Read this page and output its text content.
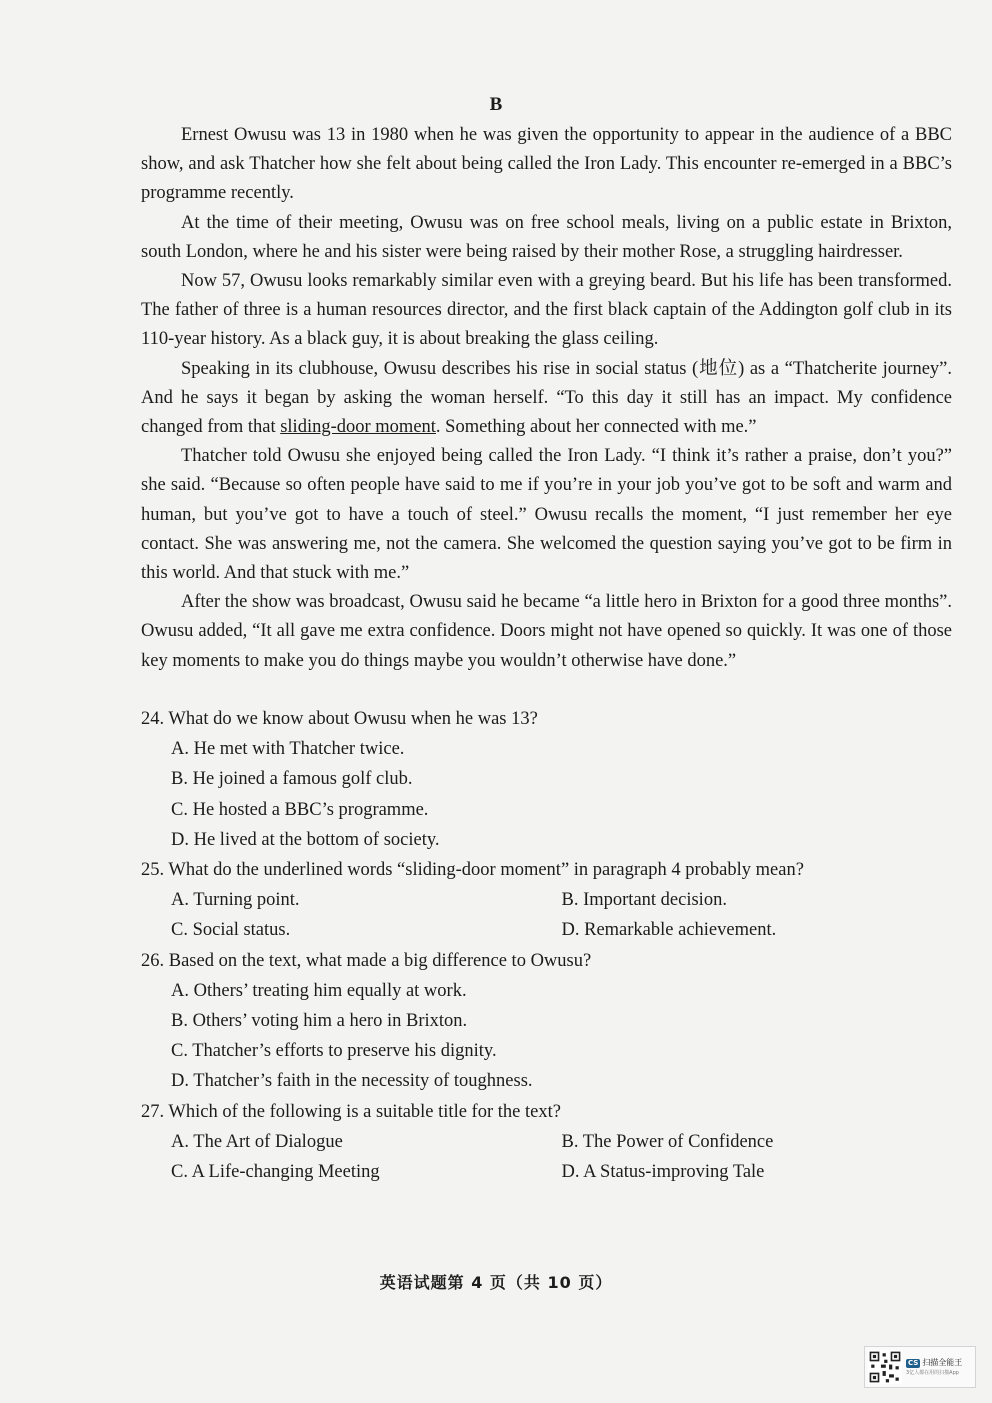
B

Ernest Owusu was 13 in 1980 when he was given the opportunity to appear in the audience of a BBC show, and ask Thatcher how she felt about being called the Iron Lady. This encounter re-emerged in a BBC’s programme recently.

At the time of their meeting, Owusu was on free school meals, living on a public estate in Brixton, south London, where he and his sister were being raised by their mother Rose, a struggling hairdresser.

Now 57, Owusu looks remarkably similar even with a greying beard. But his life has been transformed. The father of three is a human resources director, and the first black captain of the Addington golf club in its 110-year history. As a black guy, it is about breaking the glass ceiling.

Speaking in its clubhouse, Owusu describes his rise in social status (地位) as a “Thatcherite journey”. And he says it began by asking the woman herself. “To this day it still has an impact. My confidence changed from that sliding-door moment. Something about her connected with me.”

Thatcher told Owusu she enjoyed being called the Iron Lady. “I think it’s rather a praise, don’t you?” she said. “Because so often people have said to me if you’re in your job you’ve got to be soft and warm and human, but you’ve got to have a touch of steel.” Owusu recalls the moment, “I just remember her eye contact. She was answering me, not the camera. She welcomed the question saying you’ve got to be firm in this world. And that stuck with me.”

After the show was broadcast, Owusu said he became “a little hero in Brixton for a good three months”. Owusu added, “It all gave me extra confidence. Doors might not have opened so quickly. It was one of those key moments to make you do things maybe you wouldn’t otherwise have done.”

24. What do we know about Owusu when he was 13?

A. He met with Thatcher twice.

B. He joined a famous golf club.

C. He hosted a BBC’s programme.

D. He lived at the bottom of society.

25. What do the underlined words “sliding-door moment” in paragraph 4 probably mean?

A. Turning point.	B. Important decision.
C. Social status.	D. Remarkable achievement.

26. Based on the text, what made a big difference to Owusu?

A. Others’ treating him equally at work.

B. Others’ voting him a hero in Brixton.

C. Thatcher’s efforts to preserve his dignity.

D. Thatcher’s faith in the necessity of toughness.

27. Which of the following is a suitable title for the text?

A. The Art of Dialogue	B. The Power of Confidence
C. A Life-changing Meeting	D. A Status-improving Tale
英语试题第 4 页（共 10 页）
CS 扫描全能王
3亿人都在用的扫描App
